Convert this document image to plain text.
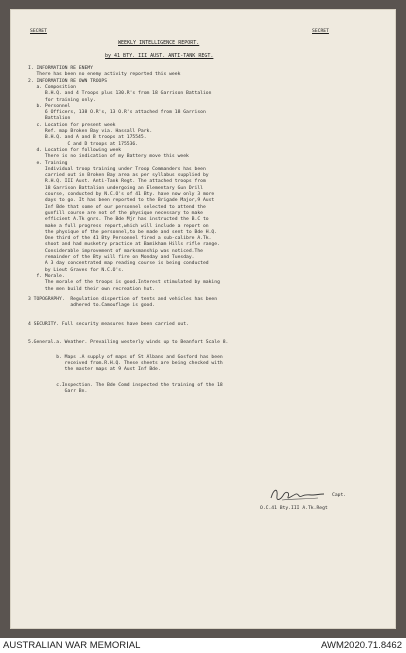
SECRET	SECRET
WEEKLY INTELLIGENCE REPORT.
by 41 BTY. III AUST. ANTI-TANK REGT.
I. INFORMATION RE ENEMY
There has been no enemy activity reported this week
2. INFORMATION RE OWN TROOPS
a. Composition
B.H.Q. and 4 Troops plus 130.R's from 18 Garrison Battalion
for training only.
b. Personnel
6 Officers, 138 O.R's, 13 O.R's attached from 18 Garrison
Battalion
c. Location for present week
Ref. map Broken Bay via. Hassall Park.
B.H.Q. and A and B troops at 175545.
C and D troops at 175536.
d. Location for following week
There is no indication of my Battery move this week
e. Training
Individual troop training under Troop Commanders has been
carried out in Broken Bay area as per syllabus supplied by
R.H.Q. III Aust. Anti-Tank Regt. The attached troops from
18 Garrison Battalion undergoing an Elementary Gun Drill
course, conducted by N.C.O's of 41 Bty. have now only 3 more
days to go. It has been reported to the Brigade Major,9 Aust
Inf Bde that some of our personnel selected to attend the
gunfill course are not of the physique necessary to make
efficient A.Tk gnrs. The Bde Mjr has instructed the B.C to
make a full progress report,which will include a report on
the physique of the personnel,to be made and sent to Bde H.Q.
One third of the 41 Bty Personnel fired a sub-calibre A.Tk.
shoot and had musketry practice at Bamikham Hills rifle range.
Considerable improvement of marksmanship was noticed.The
remainder of the Bty will fire on Monday and Tuesday.
A 3 day concentrated map reading course is being conducted
by Lieut Graves for N.C.O's.
f. Morale.
The morale of the troops is good.Interest stimulated by making
the men build their own recreation hut.
3 TOPOGRAPHY.  Regulation dispertion of tents and vehicles has been
adhered to.Camouflage is good.
4 SECURITY. Full security measures have been carried out.
5.General.a. Weather. Prevailing westerly winds up to Beanfort Scale 8.
b. Maps .A supply of maps of St Albans and Gosford has been
received from.R.H.Q. These sheets are being checked with
the master maps at 9 Aust Inf Bde.
c.Inspection. The Bde Comd inspected the training of the 18
Garr Bn.
Capt.
O.C.41 Bty.III A.Tk.Regt
AUSTRALIAN WAR MEMORIAL	AWM2020.71.8462
